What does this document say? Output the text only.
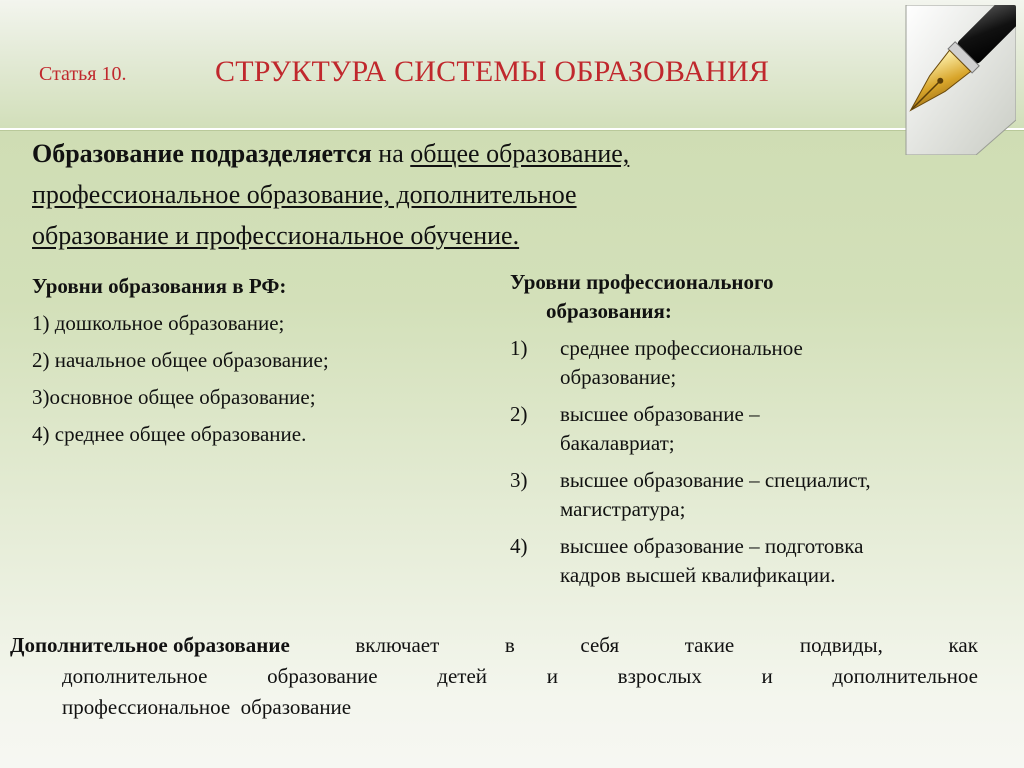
Статья 10.	СТРУКТУРА СИСТЕМЫ ОБРАЗОВАНИЯ
Образование подразделяется на общее образование,
профессиональное образование, дополнительное
образование и профессиональное обучение.
Уровни образования в РФ:
1) дошкольное образование;
2) начальное общее образование;
3)основное общее образование;
4) среднее общее образование.
Уровни профессионального
образования:
1)	среднее профессиональное
образование;
2)	высшее образование –
бакалавриат;
3)	высшее образование – специалист,
магистратура;
4)	высшее образование – подготовка
кадров высшей квалификации.
Дополнительное образование	включает	в	себя	такие	подвиды,	как
дополнительное	образование	детей	и	взрослых	и	дополнительное
профессиональное  образование
